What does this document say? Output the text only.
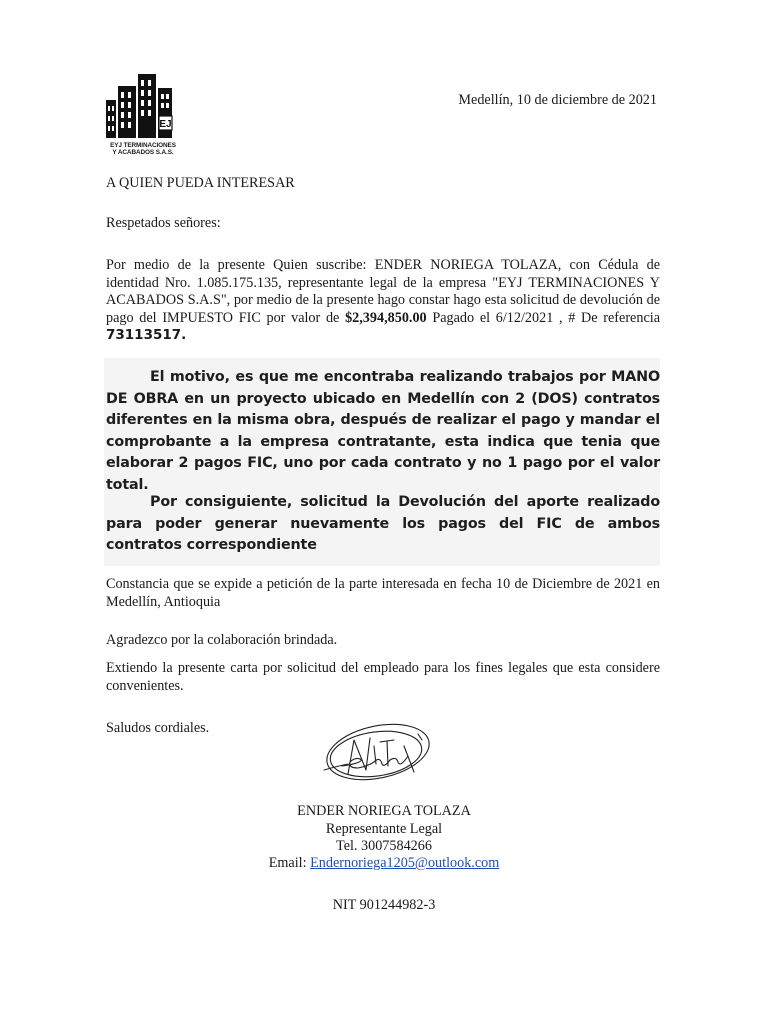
EJ
EYJ TERMINACIONES
Y ACABADOS S.A.S.
Medellín, 10 de diciembre de 2021
A QUIEN PUEDA INTERESAR
Respetados señores:
Por medio de la presente Quien suscribe: ENDER NORIEGA TOLAZA, con Cédula de identidad Nro. 1.085.175.135, representante legal de la empresa "EYJ TERMINACIONES Y ACABADOS S.A.S", por medio de la presente hago constar hago esta solicitud de devolución de pago del IMPUESTO FIC por valor de $2,394,850.00 Pagado el 6/12/2021 , # De referencia 73113517.
El motivo, es que me encontraba realizando trabajos por MANO DE OBRA en un proyecto ubicado en Medellín con 2 (DOS) contratos diferentes en la misma obra, después de realizar el pago y mandar el comprobante a la empresa contratante, esta indica que tenia que elaborar 2 pagos FIC, uno por cada contrato y no 1 pago por el valor total.
Por consiguiente, solicitud la Devolución del aporte realizado para poder generar nuevamente los pagos del FIC de ambos contratos correspondiente
Constancia que se expide a petición de la parte interesada en fecha 10 de Diciembre de 2021 en Medellín, Antioquia
Agradezco por la colaboración brindada.
Extiendo la presente carta por solicitud del empleado para los fines legales que esta considere convenientes.
Saludos cordiales.
ENDER NORIEGA TOLAZA
Representante Legal
Tel. 3007584266
Email: Endernoriega1205@outlook.com
NIT 901244982-3
